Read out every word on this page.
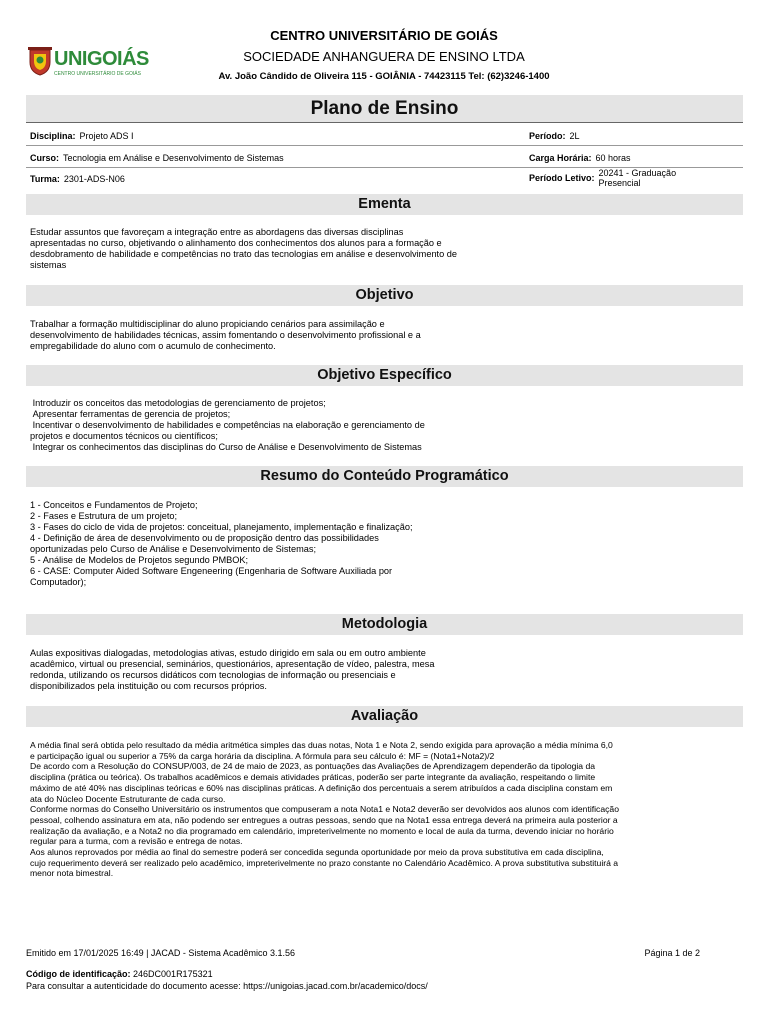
UNIGOIÁS
CENTRO UNIVERSITÁRIO DE GOIÁS
CENTRO UNIVERSITÁRIO DE GOIÁS
SOCIEDADE ANHANGUERA DE ENSINO LTDA
Av. João Cândido de Oliveira 115 - GOIÂNIA - 74423115 Tel: (62)3246-1400
Plano de Ensino
Disciplina: Projeto ADS I	Período: 2L
Curso: Tecnologia em Análise e Desenvolvimento de Sistemas	Carga Horária: 60 horas
Turma: 2301-ADS-N06	Período Letivo: 20241 - Graduação Presencial
Ementa
Estudar assuntos que favoreçam a integração entre as abordagens das diversas disciplinas
apresentadas no curso, objetivando o alinhamento dos conhecimentos dos alunos para a formação e
desdobramento de habilidade e competências no trato das tecnologias em análise e desenvolvimento de
sistemas
Objetivo
Trabalhar a formação multidisciplinar do aluno propiciando cenários para assimilação e
desenvolvimento de habilidades técnicas, assim fomentando o desenvolvimento profissional e a
empregabilidade do aluno com o acumulo de conhecimento.
Objetivo Específico
Introduzir os conceitos das metodologias de gerenciamento de projetos;
Apresentar ferramentas de gerencia de projetos;
Incentivar o desenvolvimento de habilidades e competências na elaboração e gerenciamento de
projetos e documentos técnicos ou científicos;
Integrar os conhecimentos das disciplinas do Curso de Análise e Desenvolvimento de Sistemas
Resumo do Conteúdo Programático
1 - Conceitos e Fundamentos de Projeto;
2 - Fases e Estrutura de um projeto;
3 - Fases do ciclo de vida de projetos: conceitual, planejamento, implementação e finalização;
4 - Definição de área de desenvolvimento ou de proposição dentro das possibilidades
oportunizadas pelo Curso de Análise e Desenvolvimento de Sistemas;
5 - Análise de Modelos de Projetos segundo PMBOK;
6 - CASE: Computer Aided Software Engeneering (Engenharia de Software Auxiliada por
Computador);
Metodologia
Aulas expositivas dialogadas, metodologias ativas, estudo dirigido em sala ou em outro ambiente
acadêmico, virtual ou presencial, seminários, questionários, apresentação de vídeo, palestra, mesa
redonda, utilizando os recursos didáticos com tecnologias de informação ou presenciais e
disponibilizados pela instituição ou com recursos próprios.
Avaliação
A média final será obtida pelo resultado da média aritmética simples das duas notas, Nota 1 e Nota 2, sendo exigida para aprovação a média mínima 6,0
e participação igual ou superior a 75% da carga horária da disciplina. A fórmula para seu cálculo é: MF = (Nota1+Nota2)/2
De acordo com a Resolução do CONSUP/003, de 24 de maio de 2023, as pontuações das Avaliações de Aprendizagem dependerão da tipologia da
disciplina (prática ou teórica). Os trabalhos acadêmicos e demais atividades práticas, poderão ser parte integrante da avaliação, respeitando o limite
máximo de até 40% nas disciplinas teóricas e 60% nas disciplinas práticas. A definição dos percentuais a serem atribuídos a cada disciplina constam em
ata do Núcleo Docente Estruturante de cada curso.
Conforme normas do Conselho Universitário os instrumentos que compuseram a nota Nota1 e Nota2 deverão ser devolvidos aos alunos com identificação
pessoal, colhendo assinatura em ata, não podendo ser entregues a outras pessoas, sendo que na Nota1 essa entrega deverá na primeira aula posterior a
realização da avaliação, e a Nota2 no dia programado em calendário, impreterivelmente no momento e local de aula da turma, devendo iniciar no horário
regular para a turma, com a revisão e entrega de notas.
Aos alunos reprovados por média ao final do semestre poderá ser concedida segunda oportunidade por meio da prova substitutiva em cada disciplina,
cujo requerimento deverá ser realizado pelo acadêmico, impreterivelmente no prazo constante no Calendário Acadêmico. A prova substitutiva substituirá a
menor nota bimestral.
Emitido em 17/01/2025 16:49 | JACAD - Sistema Acadêmico 3.1.56	Página 1 de 2
Código de identificação: 246DC001R175321
Para consultar a autenticidade do documento acesse: https://unigoias.jacad.com.br/academico/docs/
